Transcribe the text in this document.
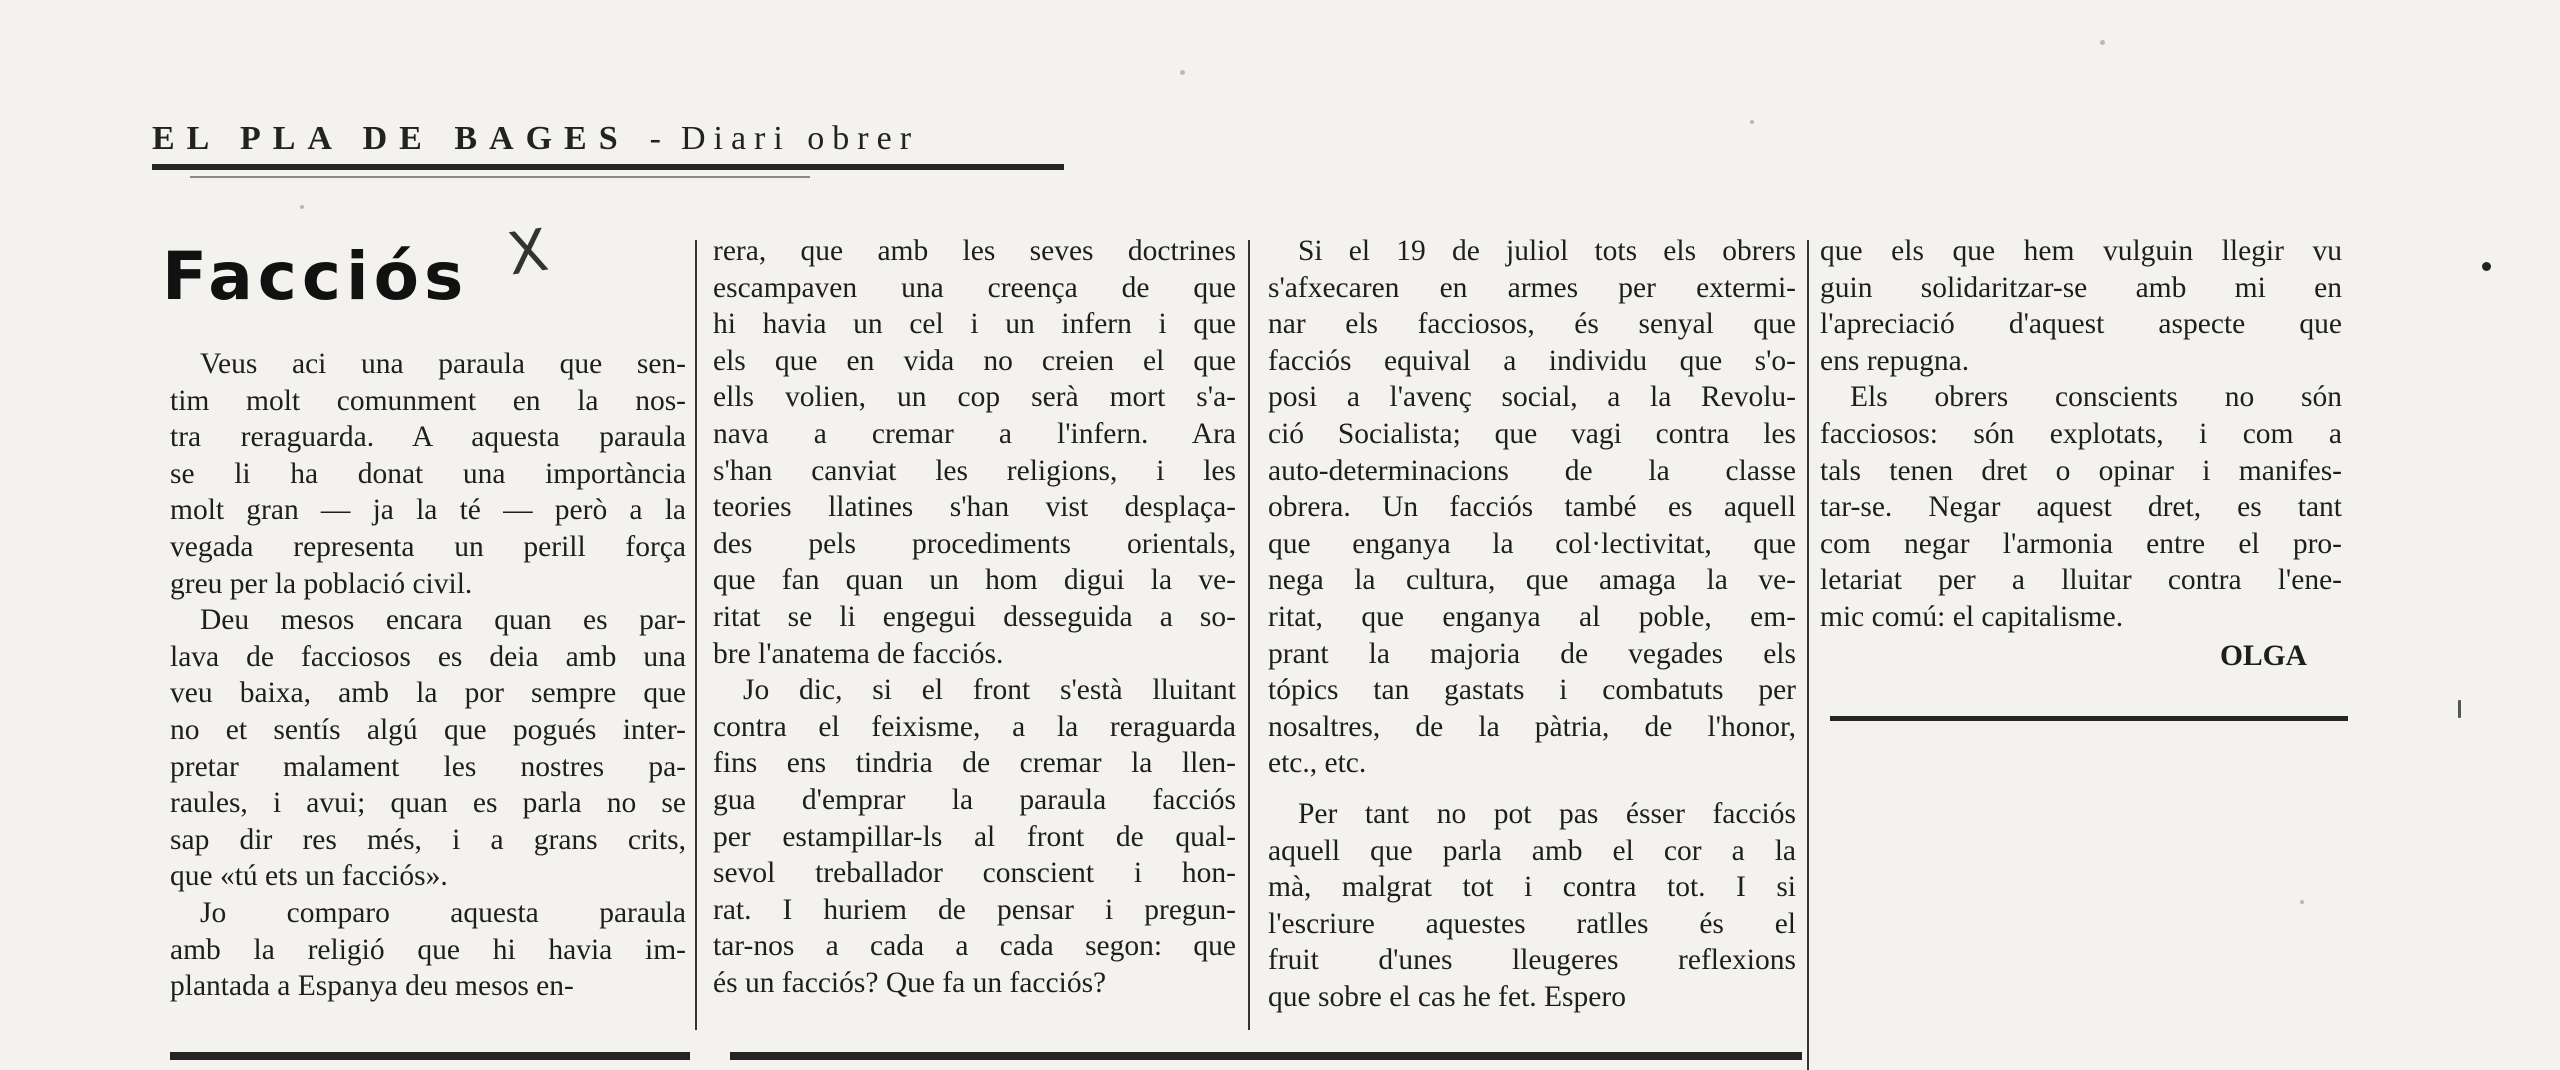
EL PLA DE BAGES - Diari obrer
Facciós X
Veus aci una paraula que sen-
tim molt comunment en la nos-
tra reraguarda. A aquesta paraula
se li ha donat una importància
molt gran — ja la té — però a la
vegada representa un perill força
greu per la població civil.
Deu mesos encara quan es par-
lava de facciosos es deia amb una
veu baixa, amb la por sempre que
no et sentís algú que pogués inter-
pretar malament les nostres pa-
raules, i avui; quan es parla no se
sap dir res més, i a grans crits,
que «tú ets un facciós».
Jo comparo aquesta paraula
amb la religió que hi havia im-
plantada a Espanya deu mesos en-
rera, que amb les seves doctrines
escampaven una creença de que
hi havia un cel i un infern i que
els que en vida no creien el que
ells volien, un cop serà mort s'a-
nava a cremar a l'infern. Ara
s'han canviat les religions, i les
teories llatines s'han vist desplaça-
des pels procediments orientals,
que fan quan un hom digui la ve-
ritat se li engegui desseguida a so-
bre l'anatema de facciós.
Jo dic, si el front s'està lluitant
contra el feixisme, a la reraguarda
fins ens tindria de cremar la llen-
gua d'emprar la paraula facciós
per estampillar-ls al front de qual-
sevol treballador conscient i hon-
rat. I huriem de pensar i pregun-
tar-nos a cada a cada segon: que
és un facciós? Que fa un facciós?
Si el 19 de juliol tots els obrers
s'afxecaren en armes per extermi-
nar els facciosos, és senyal que
facciós equival a individu que s'o-
posi a l'avenç social, a la Revolu-
ció Socialista; que vagi contra les
auto-determinacions de la classe
obrera. Un facciós també es aquell
que enganya la col·lectivitat, que
nega la cultura, que amaga la ve-
ritat, que enganya al poble, em-
prant la majoria de vegades els
tópics tan gastats i combatuts per
nosaltres, de la pàtria, de l'honor,
etc., etc.
Per tant no pot pas ésser facciós
aquell que parla amb el cor a la
mà, malgrat tot i contra tot. I si
l'escriure aquestes ratlles és el
fruit d'unes lleugeres reflexions
que sobre el cas he fet. Espero
que els que hem vulguin llegir vu
guin solidaritzar-se amb mi en
l'apreciació d'aquest aspecte que
ens repugna.
Els obrers conscients no són
facciosos: són explotats, i com a
tals tenen dret o opinar i manifes-
tar-se. Negar aquest dret, es tant
com negar l'armonia entre el pro-
letariat per a lluitar contra l'ene-
mic comú: el capitalisme.
OLGA
